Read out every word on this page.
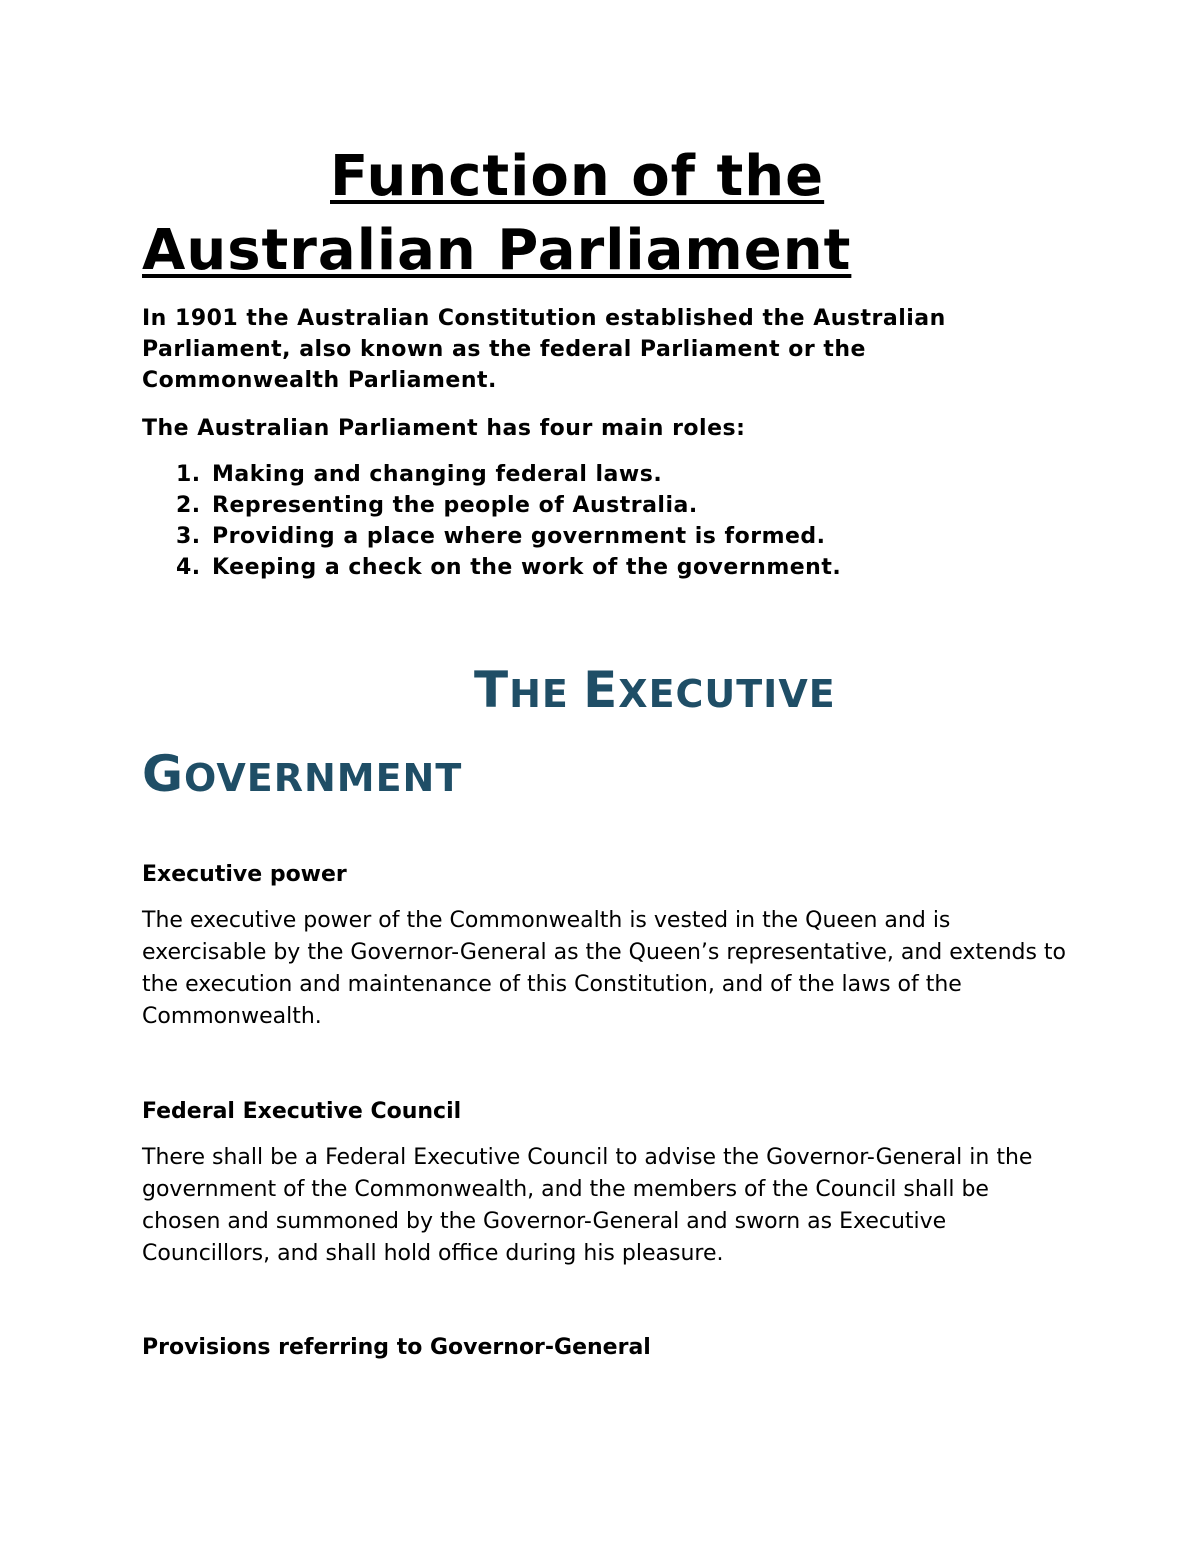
Function of the
Australian Parliament

In 1901 the Australian Constitution established the Australian Parliament, also known as the federal Parliament or the Commonwealth Parliament.

The Australian Parliament has four main roles:

1. Making and changing federal laws.
2. Representing the people of Australia.
3. Providing a place where government is formed.
4. Keeping a check on the work of the government.
THE EXECUTIVE
GOVERNMENT
Executive power

The executive power of the Commonwealth is vested in the Queen and is exercisable by the Governor-General as the Queen’s representative, and extends to the execution and maintenance of this Constitution, and of the laws of the Commonwealth.

Federal Executive Council

There shall be a Federal Executive Council to advise the Governor-General in the government of the Commonwealth, and the members of the Council shall be chosen and summoned by the Governor-General and sworn as Executive Councillors, and shall hold office during his pleasure.

Provisions referring to Governor-General
